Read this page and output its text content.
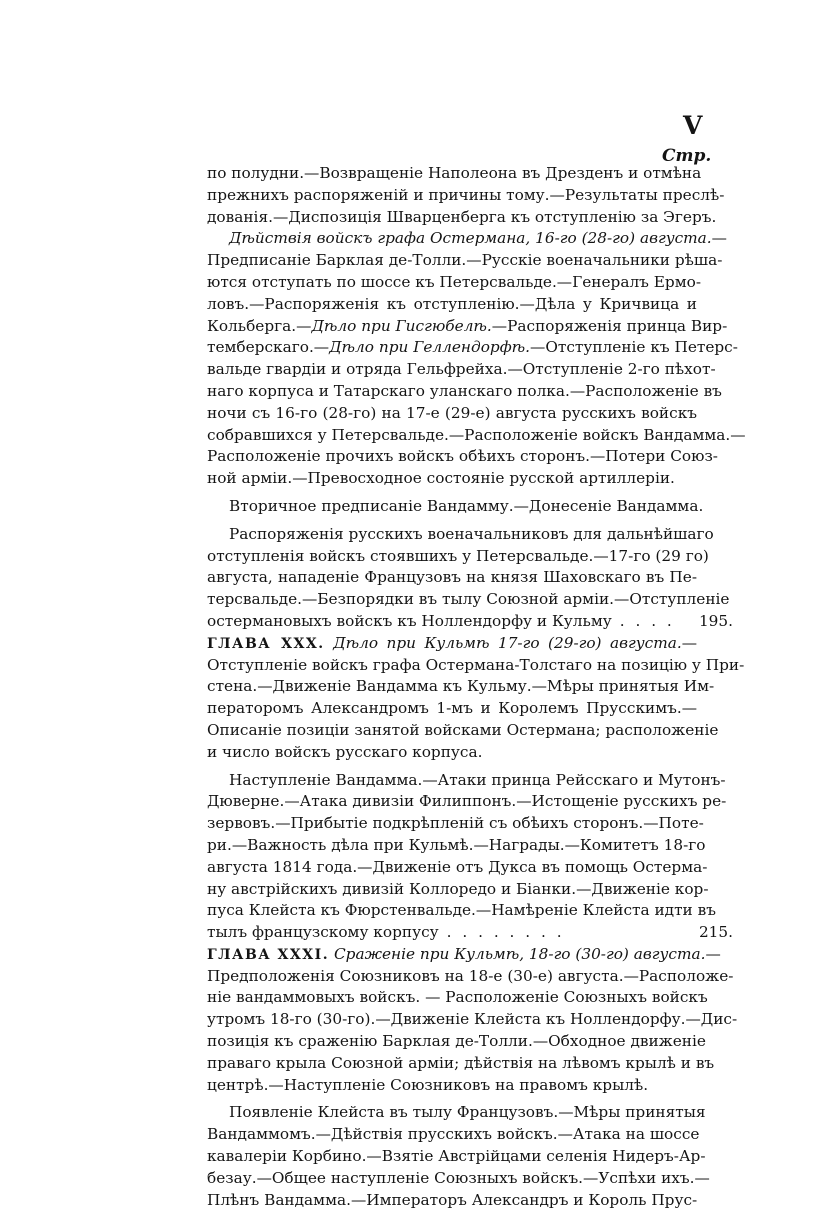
V
Стр.
по полудни.—Возвращеніе Наполеона въ Дрезденъ и отмѣна
прежнихъ распоряженій и причины тому.—Результаты преслѣ-
дованія.—Диспозиція Шварценберга къ отступленію за Эгеръ.
Дѣйствія войскъ графа Остермана, 16-го (28-го) августа.—
Предписаніе Барклая де-Толли.—Русскіе военачальники рѣша-
ются отступать по шоссе къ Петерсвальде.—Генералъ Ермо-
ловъ.—Распоряженія къ отступленію.—Дѣла у Кричвица и
Кольберга.—Дѣло при Гисгюбелѣ.—Распоряженія принца Вир-
темберскаго.—Дѣло при Геллендорфѣ.—Отступленіе къ Петерс-
вальде гвардіи и отряда Гельфрейха.—Отступленіе 2-го пѣхот-
наго корпуса и Татарскаго уланскаго полка.—Расположеніе въ
ночи съ 16-го (28-го) на 17-е (29-е) августа русскихъ войскъ
собравшихся у Петерсвальде.—Расположеніе войскъ Вандамма.—
Расположеніе прочихъ войскъ обѣихъ сторонъ.—Потери Союз-
ной арміи.—Превосходное состояніе русской артиллеріи.
Вторичное предписаніе Вандамму.—Донесеніе Вандамма.
Распоряженія русскихъ военачальниковъ для дальнѣйшаго
отступленія войскъ стоявшихъ у Петерсвальде.—17-го (29 го)
августа, нападеніе Французовъ на князя Шаховскаго въ Пе-
терсвальде.—Безпорядки въ тылу Союзной арміи.—Отступленіе
остермановыхъ войскъ къ Ноллендорфу и Кульму . . . .	195.
ГЛАВА XXX. Дѣло при Кульмѣ 17-го (29-го) августа.—
Отступленіе войскъ графа Остермана-Толстаго на позицію у При-
стена.—Движеніе Вандамма къ Кульму.—Мѣры принятыя Им-
ператоромъ Александромъ 1-мъ и Королемъ Прусскимъ.—
Описаніе позиціи занятой войсками Остермана; расположеніе
и число войскъ русскаго корпуса.
Наступленіе Вандамма.—Атаки принца Рейсскаго и Мутонъ-
Дюверне.—Атака дивизіи Филиппонъ.—Истощеніе русскихъ ре-
зервовъ.—Прибытіе подкрѣпленій съ обѣихъ сторонъ.—Поте-
ри.—Важность дѣла при Кульмѣ.—Награды.—Комитетъ 18-го
августа 1814 года.—Движеніе отъ Дукса въ помощь Остерма-
ну австрійскихъ дивизій Коллоредо и Біанки.—Движеніе кор-
пуса Клейста къ Фюрстенвальде.—Намѣреніе Клейста идти въ
тылъ французскому корпусу . . . . . . . .	215.
ГЛАВА XXXI. Сраженіе при Кульмѣ, 18-го (30-го) августа.—
Предположенія Союзниковъ на 18-е (30-е) августа.—Расположе-
ніе вандаммовыхъ войскъ. — Расположеніе Союзныхъ войскъ
утромъ 18-го (30-го).—Движеніе Клейста къ Ноллендорфу.—Дис-
позиція къ сраженію Барклая де-Толли.—Обходное движеніе
праваго крыла Союзной арміи; дѣйствія на лѣвомъ крылѣ и въ
центрѣ.—Наступленіе Союзниковъ на правомъ крылѣ.
Появленіе Клейста въ тылу Французовъ.—Мѣры принятыя
Вандаммомъ.—Дѣйствія прусскихъ войскъ.—Атака на шоссе
кавалеріи Корбино.—Взятіе Австрійцами селенія Нидеръ-Ар-
безау.—Общее наступленіе Союзныхъ войскъ.—Успѣхи ихъ.—
Плѣнъ Вандамма.—Императоръ Александръ и Король Прус-
